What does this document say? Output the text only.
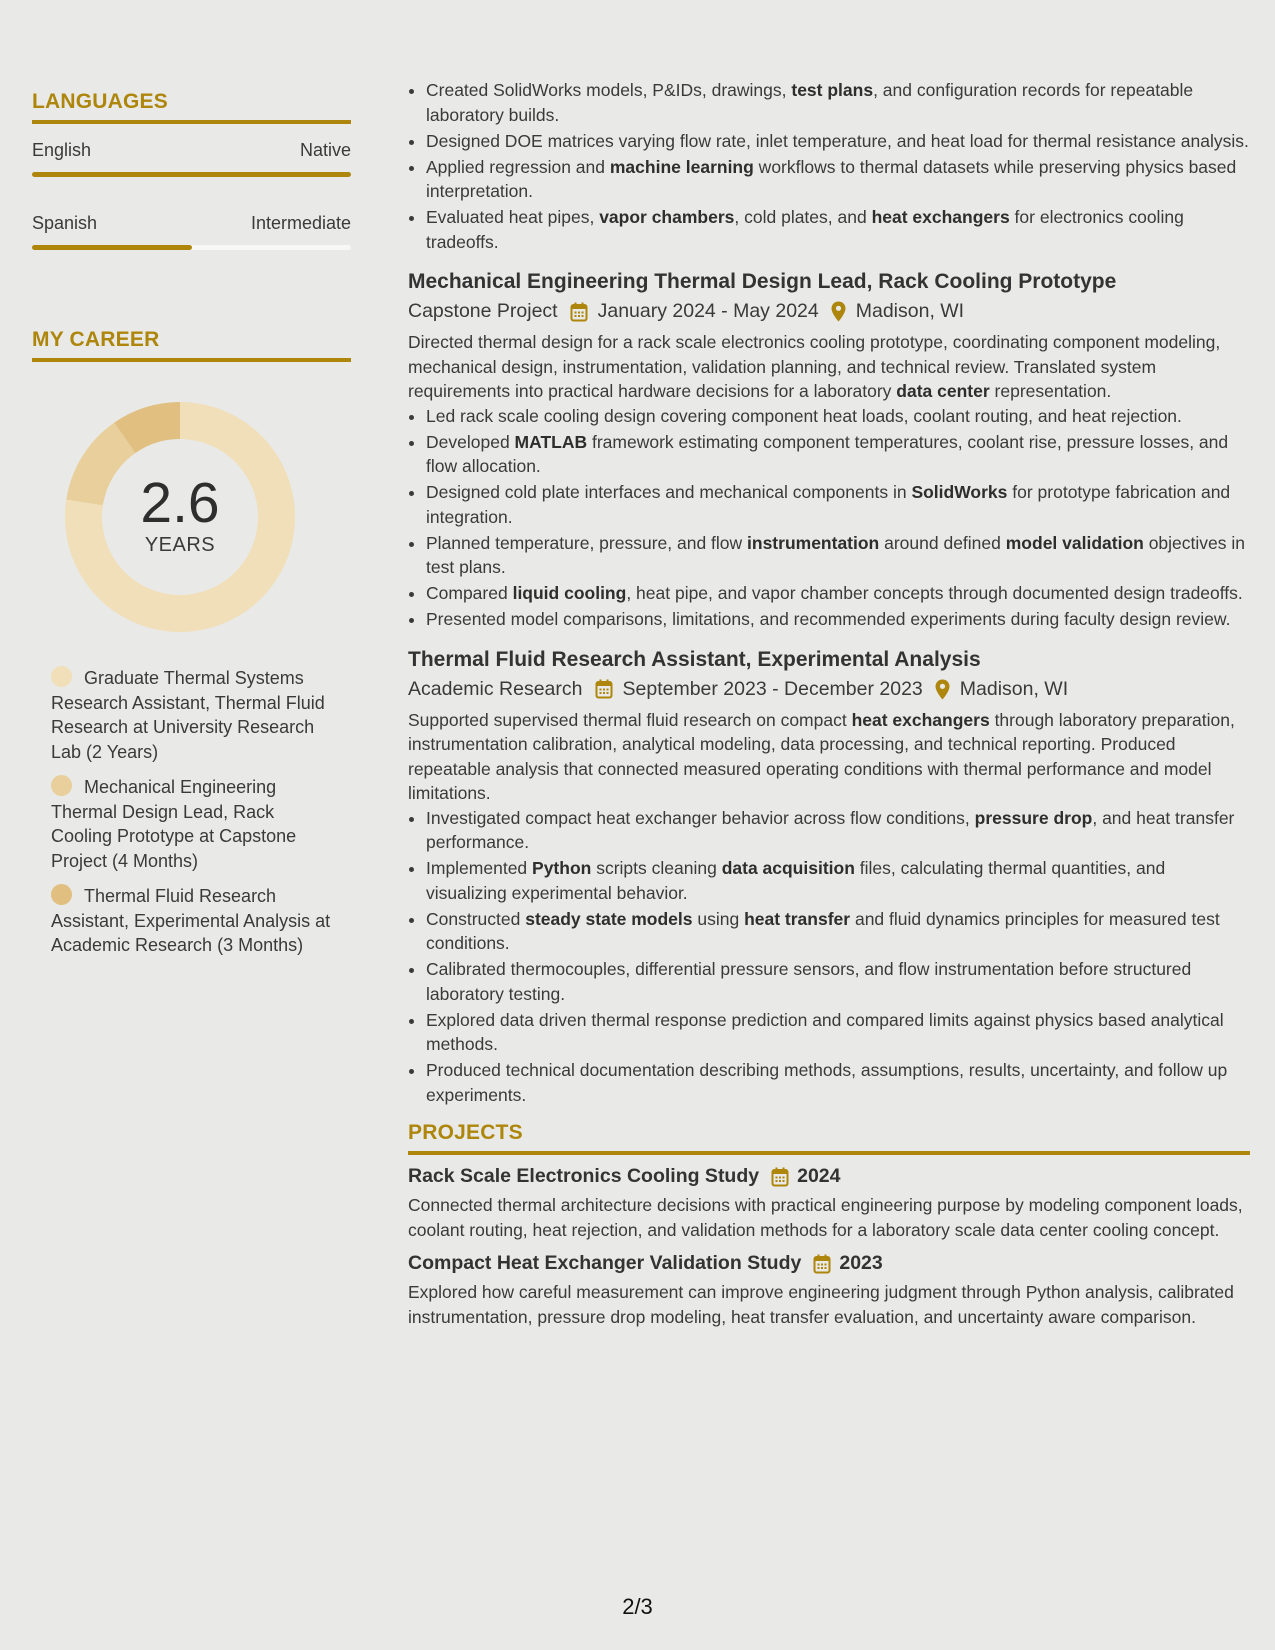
LANGUAGES
English	Native
Spanish	Intermediate
MY CAREER
2.6
YEARS
Graduate Thermal Systems Research Assistant, Thermal Fluid Research at University Research Lab (2 Years)
Mechanical Engineering Thermal Design Lead, Rack Cooling Prototype at Capstone Project (4 Months)
Thermal Fluid Research Assistant, Experimental Analysis at Academic Research (3 Months)
• Created SolidWorks models, P&IDs, drawings, test plans, and configuration records for repeatable laboratory builds.
• Designed DOE matrices varying flow rate, inlet temperature, and heat load for thermal resistance analysis.
• Applied regression and machine learning workflows to thermal datasets while preserving physics based interpretation.
• Evaluated heat pipes, vapor chambers, cold plates, and heat exchangers for electronics cooling tradeoffs.
Mechanical Engineering Thermal Design Lead, Rack Cooling Prototype
Capstone Project January 2024 - May 2024 Madison, WI
Directed thermal design for a rack scale electronics cooling prototype, coordinating component modeling, mechanical design, instrumentation, validation planning, and technical review. Translated system requirements into practical hardware decisions for a laboratory data center representation.
• Led rack scale cooling design covering component heat loads, coolant routing, and heat rejection.
• Developed MATLAB framework estimating component temperatures, coolant rise, pressure losses, and flow allocation.
• Designed cold plate interfaces and mechanical components in SolidWorks for prototype fabrication and integration.
• Planned temperature, pressure, and flow instrumentation around defined model validation objectives in test plans.
• Compared liquid cooling, heat pipe, and vapor chamber concepts through documented design tradeoffs.
• Presented model comparisons, limitations, and recommended experiments during faculty design review.
Thermal Fluid Research Assistant, Experimental Analysis
Academic Research September 2023 - December 2023 Madison, WI
Supported supervised thermal fluid research on compact heat exchangers through laboratory preparation, instrumentation calibration, analytical modeling, data processing, and technical reporting. Produced repeatable analysis that connected measured operating conditions with thermal performance and model limitations.
• Investigated compact heat exchanger behavior across flow conditions, pressure drop, and heat transfer performance.
• Implemented Python scripts cleaning data acquisition files, calculating thermal quantities, and visualizing experimental behavior.
• Constructed steady state models using heat transfer and fluid dynamics principles for measured test conditions.
• Calibrated thermocouples, differential pressure sensors, and flow instrumentation before structured laboratory testing.
• Explored data driven thermal response prediction and compared limits against physics based analytical methods.
• Produced technical documentation describing methods, assumptions, results, uncertainty, and follow up experiments.
PROJECTS
Rack Scale Electronics Cooling Study 2024
Connected thermal architecture decisions with practical engineering purpose by modeling component loads, coolant routing, heat rejection, and validation methods for a laboratory scale data center cooling concept.
Compact Heat Exchanger Validation Study 2023
Explored how careful measurement can improve engineering judgment through Python analysis, calibrated instrumentation, pressure drop modeling, heat transfer evaluation, and uncertainty aware comparison.
2/3
